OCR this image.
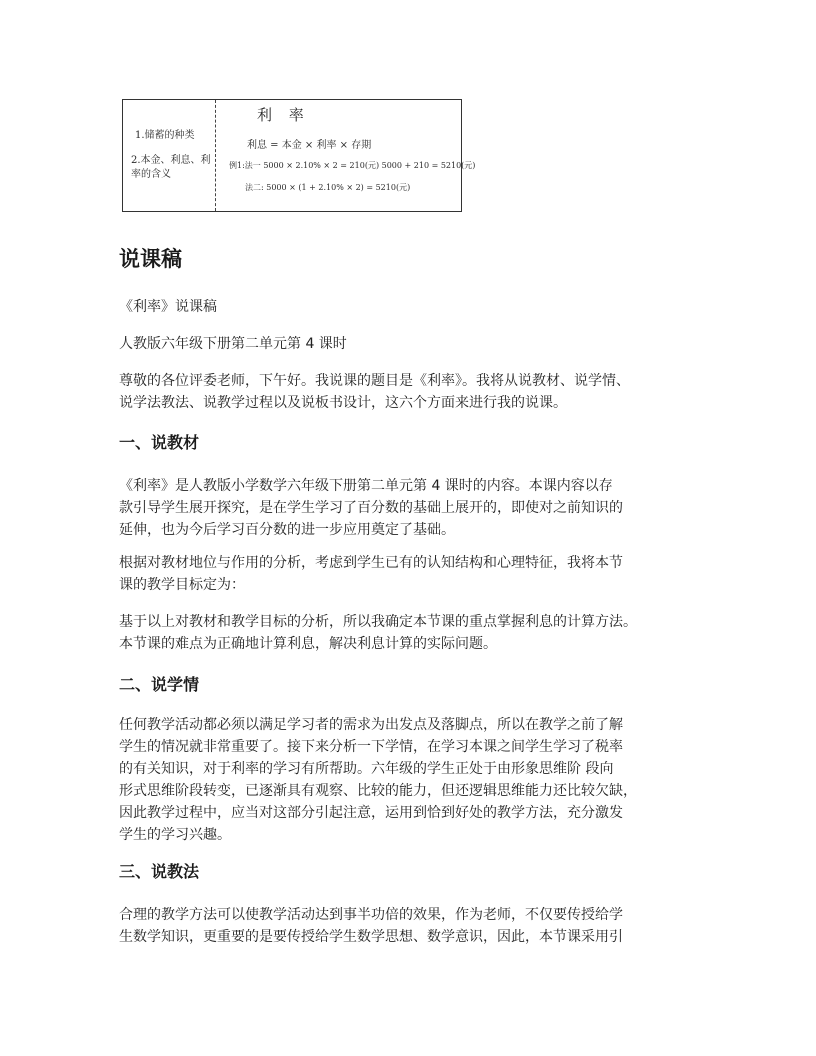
利 率
1.储蓄的种类
2.本金、利息、利率的含义
利息 = 本金 × 利率 × 存期
例1:法一 5000 × 2.10% × 2 = 210(元) 5000 + 210 = 5210(元)
法二: 5000 × (1 + 2.10% × 2) = 5210(元)
说课稿

《利率》说课稿

人教版六年级下册第二单元第 4 课时

尊敬的各位评委老师，下午好。我说课的题目是《利率》。我将从说教材、说学情、
说学法教法、说教学过程以及说板书设计，这六个方面来进行我的说课。

一、说教材

《利率》是人教版小学数学六年级下册第二单元第 4 课时的内容。本课内容以存
款引导学生展开探究，是在学生学习了百分数的基础上展开的，即使对之前知识的
延伸，也为今后学习百分数的进一步应用奠定了基础。

根据对教材地位与作用的分析，考虑到学生已有的认知结构和心理特征，我将本节
课的教学目标定为：

基于以上对教材和教学目标的分析，所以我确定本节课的重点掌握利息的计算方法。
本节课的难点为正确地计算利息，解决利息计算的实际问题。

二、说学情

任何教学活动都必须以满足学习者的需求为出发点及落脚点，所以在教学之前了解
学生的情况就非常重要了。接下来分析一下学情，在学习本课之间学生学习了税率
的有关知识，对于利率的学习有所帮助。六年级的学生正处于由形象思维阶 段向
形式思维阶段转变，已逐渐具有观察、比较的能力，但还逻辑思维能力还比较欠缺，
因此教学过程中，应当对这部分引起注意，运用到恰到好处的教学方法，充分激发
学生的学习兴趣。

三、说教法

合理的教学方法可以使教学活动达到事半功倍的效果，作为老师，不仅要传授给学
生数学知识，更重要的是要传授给学生数学思想、数学意识，因此，本节课采用引
